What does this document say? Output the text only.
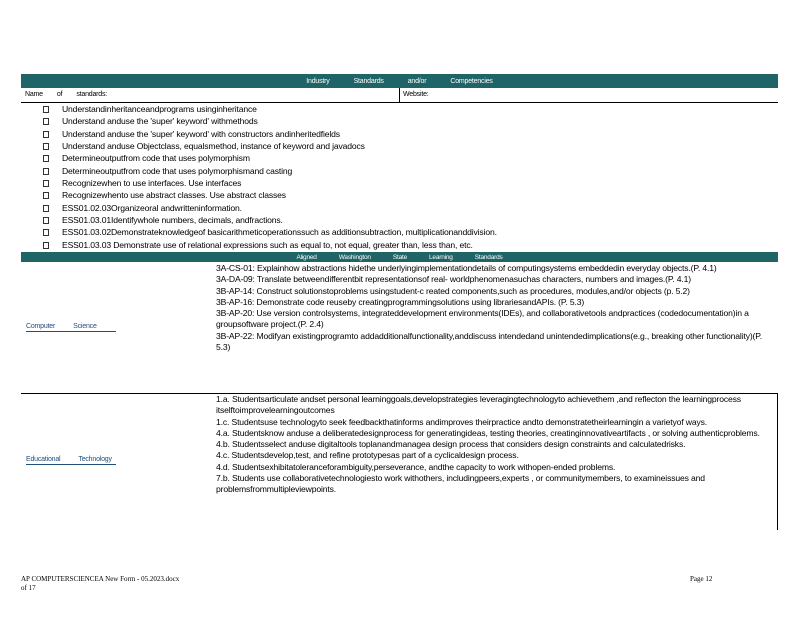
Industry	Standards	and/or	Competencies
Name of standards:	Website:
Understandinheritanceandprograms usinginheritance
Understand anduse the 'super' keyword' withmethods
Understand anduse the 'super' keyword' with constructors andinheritedfields
Understand anduse Objectclass, equalsmethod, instance of keyword and javadocs
Determineoutputfrom code that uses polymorphism
Determineoutputfrom code that uses polymorphismand casting
Recognizewhen to use interfaces. Use interfaces
Recognizewhento use abstract classes. Use abstract classes
ESS01.02.03Organizeoral andwritteninformation.
ESS01.03.01Identifywhole numbers, decimals, andfractions.
ESS01.03.02Demonstrateknowledgeof basicarithmeticoperationssuch as additionsubtraction, multiplicationanddivision.
ESS01.03.03 Demonstrate use of relational expressions such as equal to, not equal, greater than, less than, etc.
Aligned	Washington	State	Learning	Standards
Computer	Science

3A-CS-01: Explainhow abstractions hidethe underlyingimplementationdetails of computingsystems embeddedin everyday objects.(P. 4.1)

3A-DA-09: Translate betweendifferentbit representationsof real- worldphenomenasuchas characters, numbers and images.(P. 4.1)

3B-AP-14: Construct solutionstoproblems usingstudent-c reated components,such as procedures, modules,and/or objects (p. 5.2)

3B-AP-16: Demonstrate code reuseby creatingprogrammingsolutions using librariesandAPIs. (P. 5.3)

3B-AP-20: Use version controlsystems, integrateddevelopment environments(IDEs), and collaborativetools andpractices (codedocumentation)in a groupsoftware project.(P. 2.4)

3B-AP-22: Modifyan existingprogramto addadditionalfunctionality,anddiscuss intendedand unintendedimplications(e.g., breaking other functionality)(P. 5.3)

Educational	Technology

1.a. Studentsarticulate andset personal learninggoals,developstrategies leveragingtechnologyto achievethem ,and reflecton the learningprocess itselftoimprovelearningoutcomes

1.c. Studentsuse technologyto seek feedbackthatinforms andimproves theirpractice andto demonstratetheirlearningin a varietyof ways.

4.a. Studentsknow anduse a deliberatedesignprocess for generatingideas, testing theories, creatinginnovativeartifacts , or solving authenticproblems.

4.b. Studentsselect anduse digitaltools toplanandmanagea design process that considers design constraints and calculatedrisks.

4.c. Studentsdevelop,test, and refine prototypesas part of a cyclicaldesign process.

4.d. Studentsexhibitatoleranceforambiguity,perseverance, andthe capacity to work withopen-ended problems.

7.b. Students use collaborativetechnologiesto work withothers, includingpeers,experts , or communitymembers, to examineissues and problemsfrommultipleviewpoints.

AP COMPUTERSCIENCEA New Form - 05.2023.docx
of 17
Page 12
